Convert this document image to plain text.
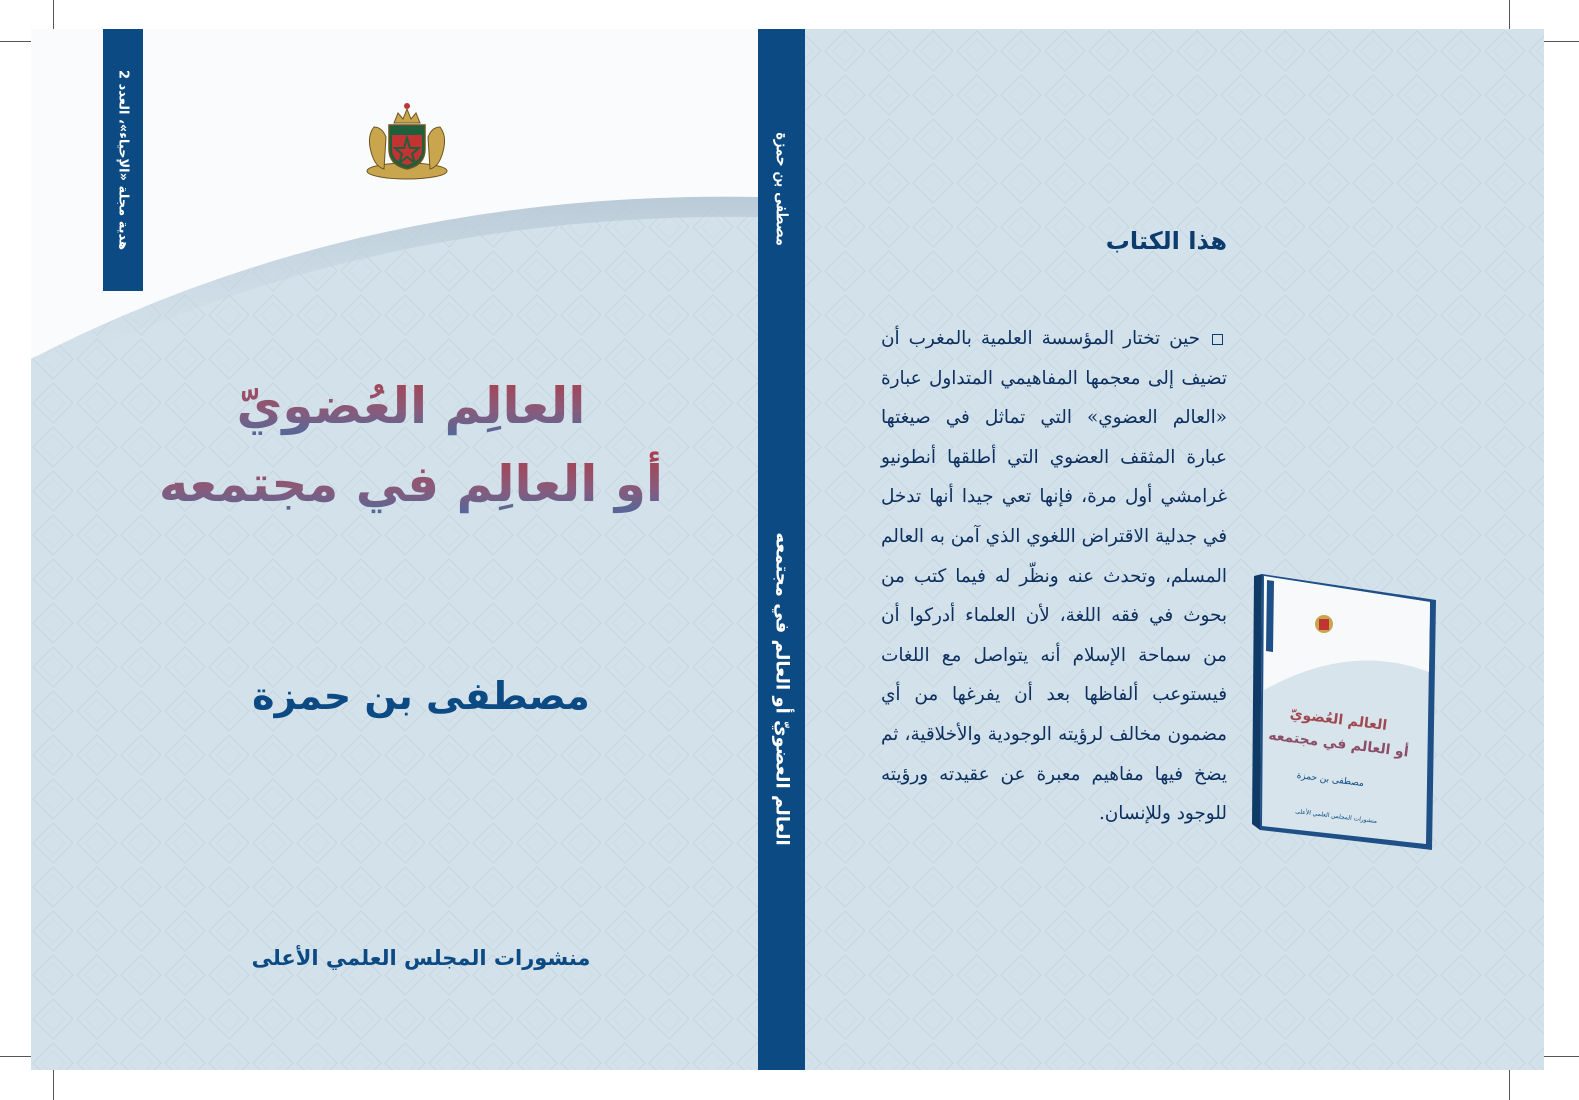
هدية مجلة «الإحياء»، العدد 2
العالِم العُضويّ
أو العالِم في مجتمعه
مصطفى بن حمزة
منشورات المجلس العلمي الأعلى
مصطفى بن حمزة
العالم العضويّ أو العالم في مجتمعه
هذا الكتاب
حين تختار المؤسسة العلمية بالمغرب أن تضيف إلى معجمها المفاهيمي المتداول عبارة «العالم العضوي» التي تماثل في صيغتها عبارة المثقف العضوي التي أطلقها أنطونيو غرامشي أول مرة، فإنها تعي جيدا أنها تدخل في جدلية الاقتراض اللغوي الذي آمن به العالم المسلم، وتحدث عنه ونظّر له فيما كتب من بحوث في فقه اللغة، لأن العلماء أدركوا أن من سماحة الإسلام أنه يتواصل مع اللغات فيستوعب ألفاظها بعد أن يفرغها من أي مضمون مخالف لرؤيته الوجودية والأخلاقية، ثم يضخ فيها مفاهيم معبرة عن عقيدته ورؤيته للوجود وللإنسان.
العالم العُضويّ
أو العالم في مجتمعه
مصطفى بن حمزة
منشورات المجلس العلمي الأعلى
